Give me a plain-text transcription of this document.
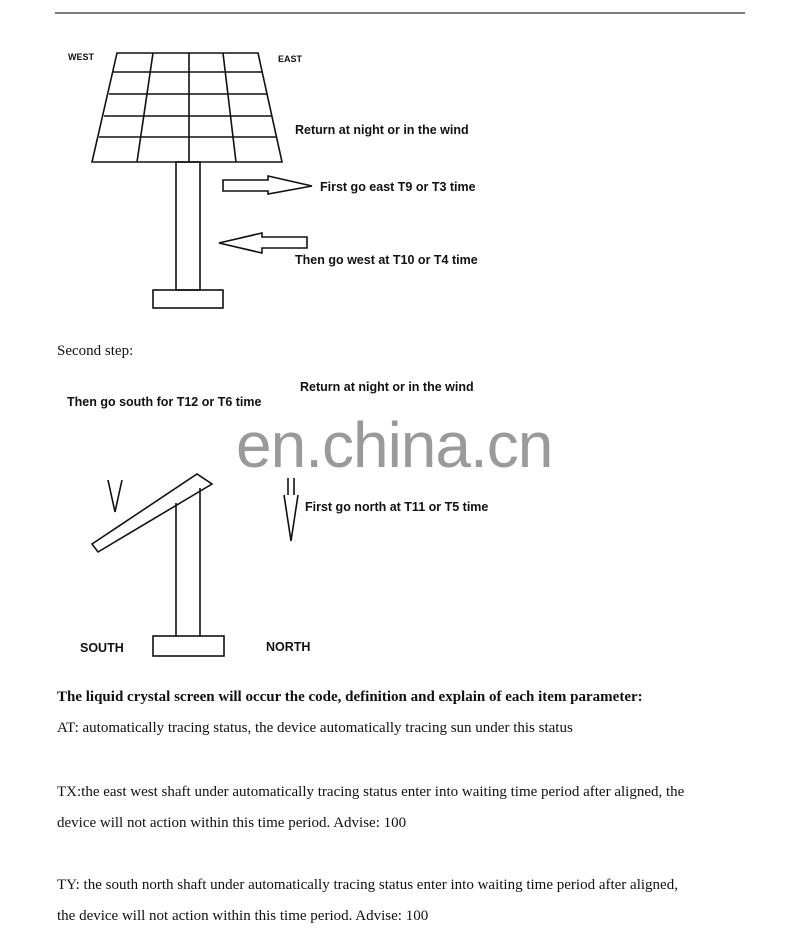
WEST	EAST
Return at night or in the wind
First go east T9 or T3 time
Then go west at T10 or T4 time
Second step:
Return at night or in the wind
Then go south for T12 or T6 time
First go north at T11 or T5 time
SOUTH	NORTH
en.china.cn
The liquid crystal screen will occur the code, definition and explain of each item parameter:
AT: automatically tracing status, the device automatically tracing sun under this status
TX:the east west shaft under automatically tracing status enter into waiting time period after aligned, the
device will not action within this time period. Advise: 100
TY: the south north shaft under automatically tracing status enter into waiting time period after aligned,
the device will not action within this time period. Advise: 100
